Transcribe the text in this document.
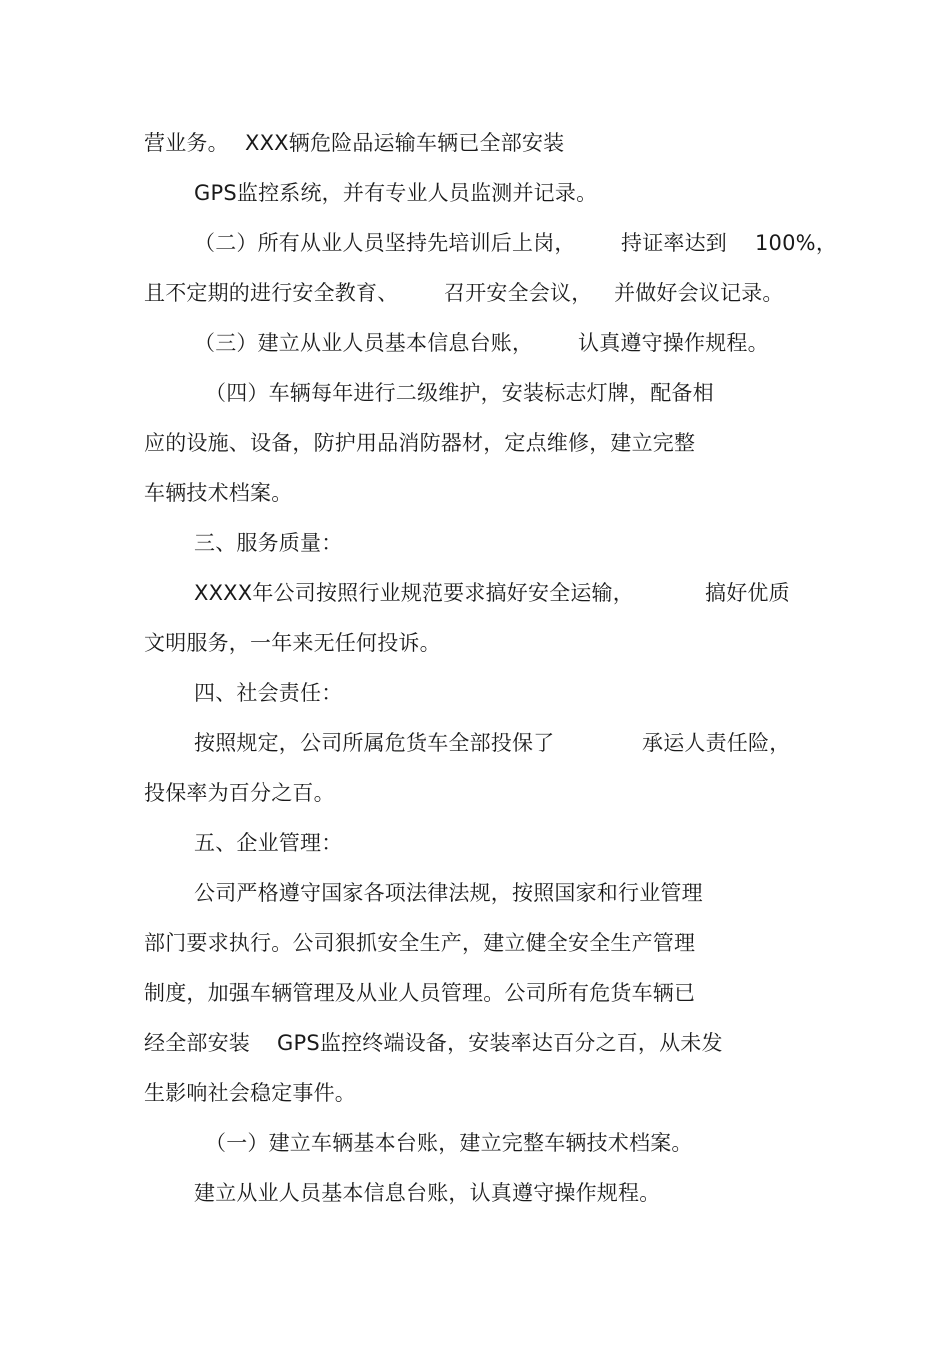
营业务。 XXX辆危险品运输车辆已全部安装
GPS监控系统，并有专业人员监测并记录。
（二）所有从业人员坚持先培训后上岗， 持证率达到 100%，
且不定期的进行安全教育、 召开安全会议， 并做好会议记录。
（三）建立从业人员基本信息台账， 认真遵守操作规程。
（四）车辆每年进行二级维护，安装标志灯牌，配备相
应的设施、设备，防护用品消防器材，定点维修，建立完整
车辆技术档案。
三、服务质量：
XXXX年公司按照行业规范要求搞好安全运输，	搞好优质
文明服务，一年来无任何投诉。
四、社会责任：
按照规定，公司所属危货车全部投保了	承运人责任险，
投保率为百分之百。
五、企业管理：
公司严格遵守国家各项法律法规，按照国家和行业管理
部门要求执行。公司狠抓安全生产，建立健全安全生产管理
制度，加强车辆管理及从业人员管理。公司所有危货车辆已
经全部安装 GPS监控终端设备，安装率达百分之百，从未发
生影响社会稳定事件。
（一）建立车辆基本台账，建立完整车辆技术档案。
建立从业人员基本信息台账，认真遵守操作规程。
